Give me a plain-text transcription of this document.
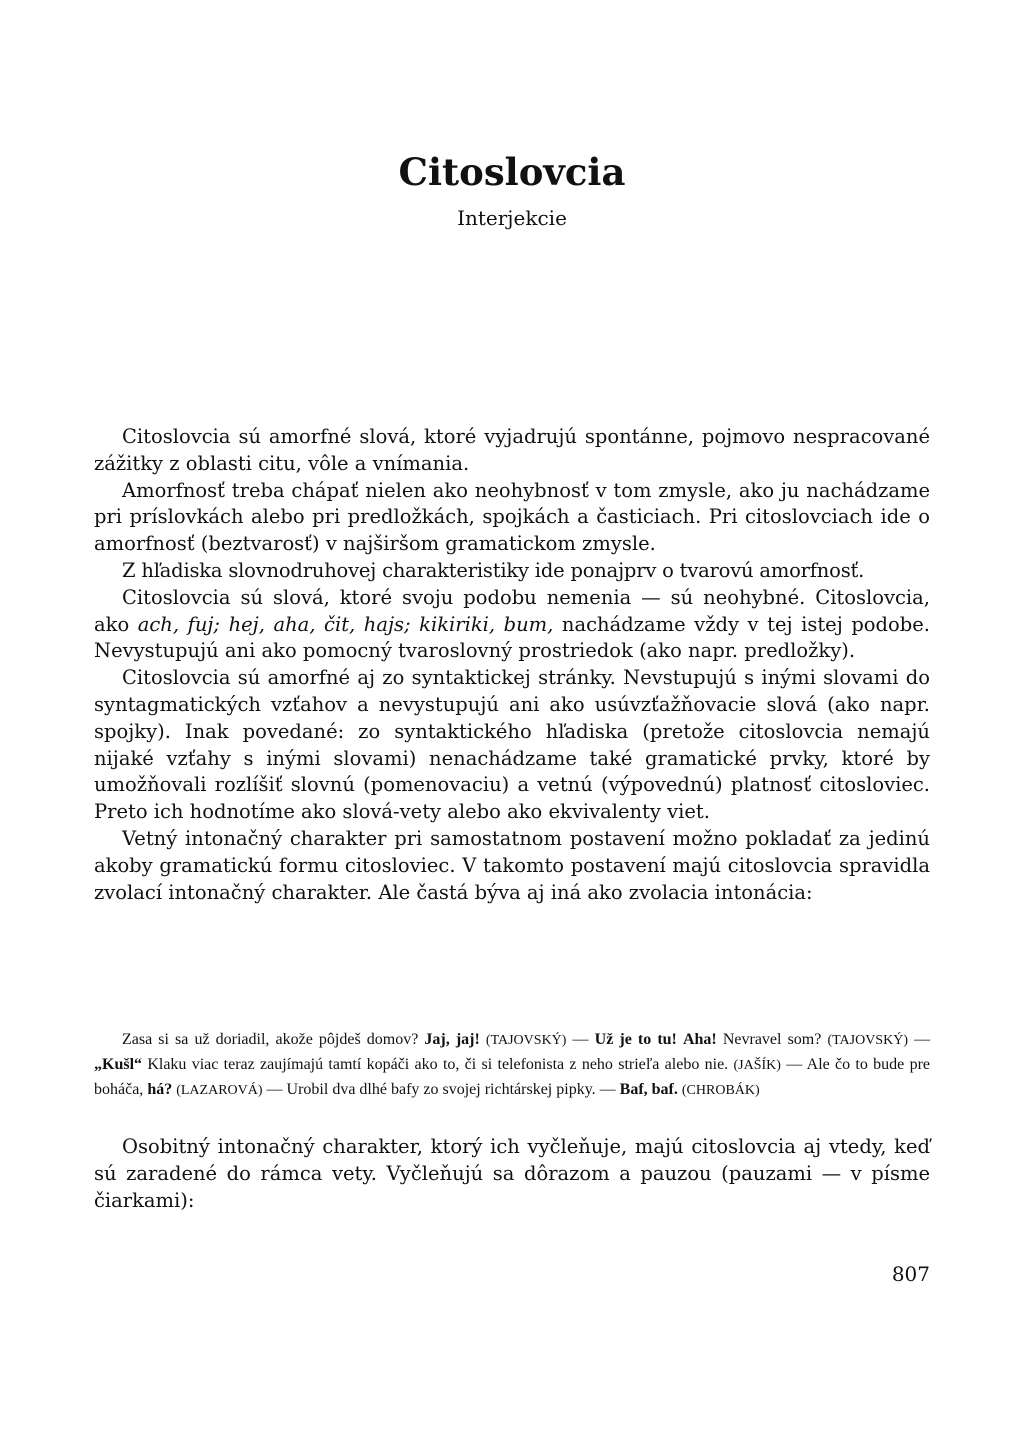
Citoslovcia
Interjekcie

Citoslovcia sú amorfné slová, ktoré vyjadrujú spontánne, pojmovo nespracované zážitky z oblasti citu, vôle a vnímania.

Amorfnosť treba chápať nielen ako neohybnosť v tom zmysle, ako ju nachádzame pri príslovkách alebo pri predložkách, spojkách a časticiach. Pri citoslovciach ide o amorfnosť (beztvarosť) v najširšom gramatickom zmysle.

Z hľadiska slovnodruhovej charakteristiky ide ponajprv o tvarovú amorfnosť.

Citoslovcia sú slová, ktoré svoju podobu nemenia — sú neohybné. Citoslovcia, ako ach, fuj; hej, aha, čit, hajs; kikiriki, bum, nachádzame vždy v tej istej podobe. Nevystupujú ani ako pomocný tvaroslovný prostriedok (ako napr. predložky).

Citoslovcia sú amorfné aj zo syntaktickej stránky. Nevstupujú s inými slovami do syntagmatických vzťahov a nevystupujú ani ako usúvzťažňovacie slová (ako napr. spojky). Inak povedané: zo syntaktického hľadiska (pretože citoslovcia nemajú nijaké vzťahy s inými slovami) nenachádzame také gramatické prvky, ktoré by umožňovali rozlíšiť slovnú (pomenovaciu) a vetnú (výpovednú) platnosť citosloviec. Preto ich hodnotíme ako slová-vety alebo ako ekvivalenty viet.

Vetný intonačný charakter pri samostatnom postavení možno pokladať za jedinú akoby gramatickú formu citosloviec. V takomto postavení majú citoslovcia spravidla zvolací intonačný charakter. Ale častá býva aj iná ako zvolacia intonácia:

Zasa si sa už doriadil, akože pôjdeš domov? Jaj, jaj! (TAJOVSKÝ) — Už je to tu! Aha! Nevravel som? (TAJOVSKÝ) — „Kušl“ Klaku viac teraz zaujímajú tamtí kopáči ako to, či si telefonista z neho strieľa alebo nie. (JAŠÍK) — Ale čo to bude pre boháča, há? (LAZAROVÁ) — Urobil dva dlhé bafy zo svojej richtárskej pipky. — Baf, baf. (CHROBÁK)

Osobitný intonačný charakter, ktorý ich vyčleňuje, majú citoslovcia aj vtedy, keď sú zaradené do rámca vety. Vyčleňujú sa dôrazom a pauzou (pauzami — v písme čiarkami):

807
